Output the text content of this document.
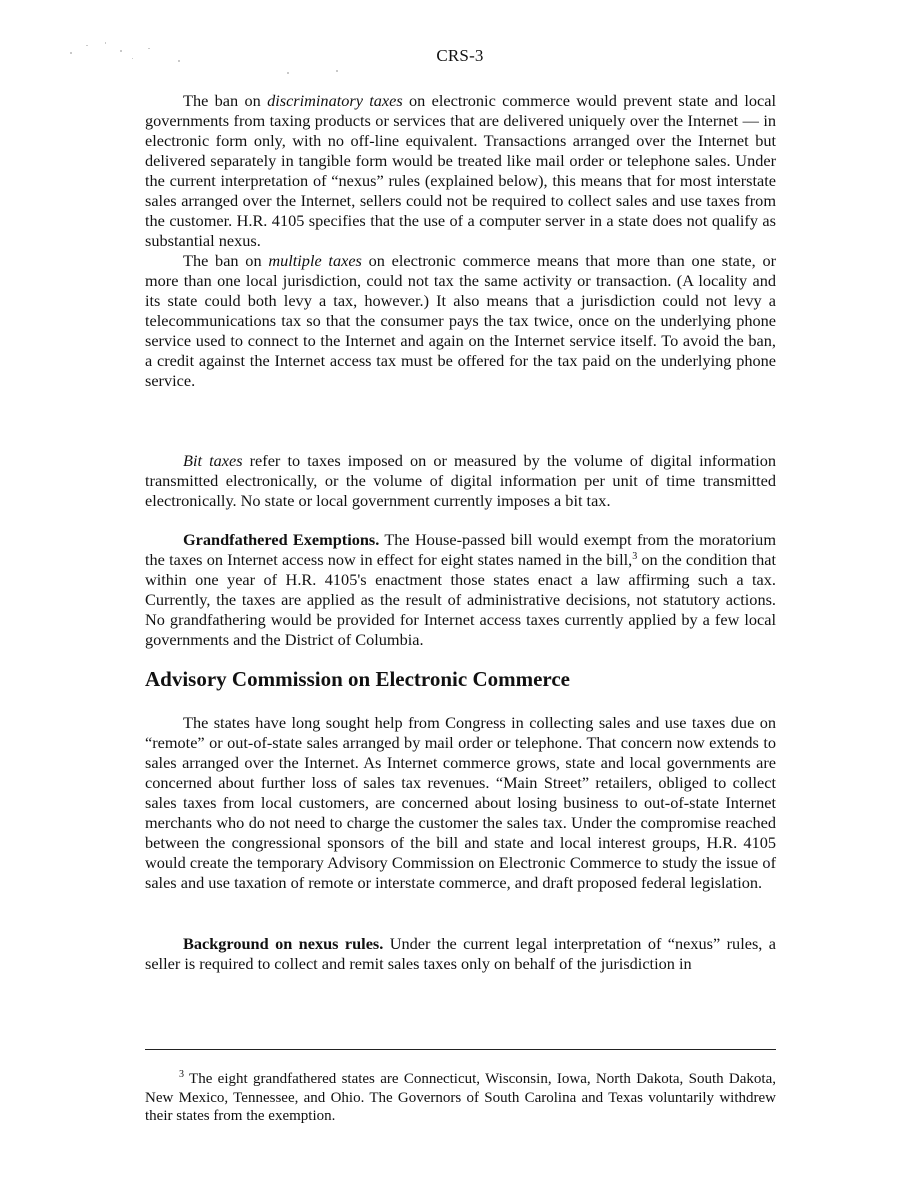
CRS-3

The ban on discriminatory taxes on electronic commerce would prevent state and local governments from taxing products or services that are delivered uniquely over the Internet — in electronic form only, with no off-line equivalent. Transactions arranged over the Internet but delivered separately in tangible form would be treated like mail order or telephone sales. Under the current interpretation of “nexus” rules (explained below), this means that for most interstate sales arranged over the Internet, sellers could not be required to collect sales and use taxes from the customer. H.R. 4105 specifies that the use of a computer server in a state does not qualify as substantial nexus.

The ban on multiple taxes on electronic commerce means that more than one state, or more than one local jurisdiction, could not tax the same activity or transaction. (A locality and its state could both levy a tax, however.) It also means that a jurisdiction could not levy a telecommunications tax so that the consumer pays the tax twice, once on the underlying phone service used to connect to the Internet and again on the Internet service itself. To avoid the ban, a credit against the Internet access tax must be offered for the tax paid on the underlying phone service.

Bit taxes refer to taxes imposed on or measured by the volume of digital information transmitted electronically, or the volume of digital information per unit of time transmitted electronically. No state or local government currently imposes a bit tax.

Grandfathered Exemptions. The House-passed bill would exempt from the moratorium the taxes on Internet access now in effect for eight states named in the bill,$^3$ on the condition that within one year of H.R. 4105's enactment those states enact a law affirming such a tax. Currently, the taxes are applied as the result of administrative decisions, not statutory actions. No grandfathering would be provided for Internet access taxes currently applied by a few local governments and the District of Columbia.

Advisory Commission on Electronic Commerce

The states have long sought help from Congress in collecting sales and use taxes due on “remote” or out-of-state sales arranged by mail order or telephone. That concern now extends to sales arranged over the Internet. As Internet commerce grows, state and local governments are concerned about further loss of sales tax revenues. “Main Street” retailers, obliged to collect sales taxes from local customers, are concerned about losing business to out-of-state Internet merchants who do not need to charge the customer the sales tax. Under the compromise reached between the congressional sponsors of the bill and state and local interest groups, H.R. 4105 would create the temporary Advisory Commission on Electronic Commerce to study the issue of sales and use taxation of remote or interstate commerce, and draft proposed federal legislation.

Background on nexus rules. Under the current legal interpretation of “nexus” rules, a seller is required to collect and remit sales taxes only on behalf of the jurisdiction in

$^3$ The eight grandfathered states are Connecticut, Wisconsin, Iowa, North Dakota, South Dakota, New Mexico, Tennessee, and Ohio. The Governors of South Carolina and Texas voluntarily withdrew their states from the exemption.
